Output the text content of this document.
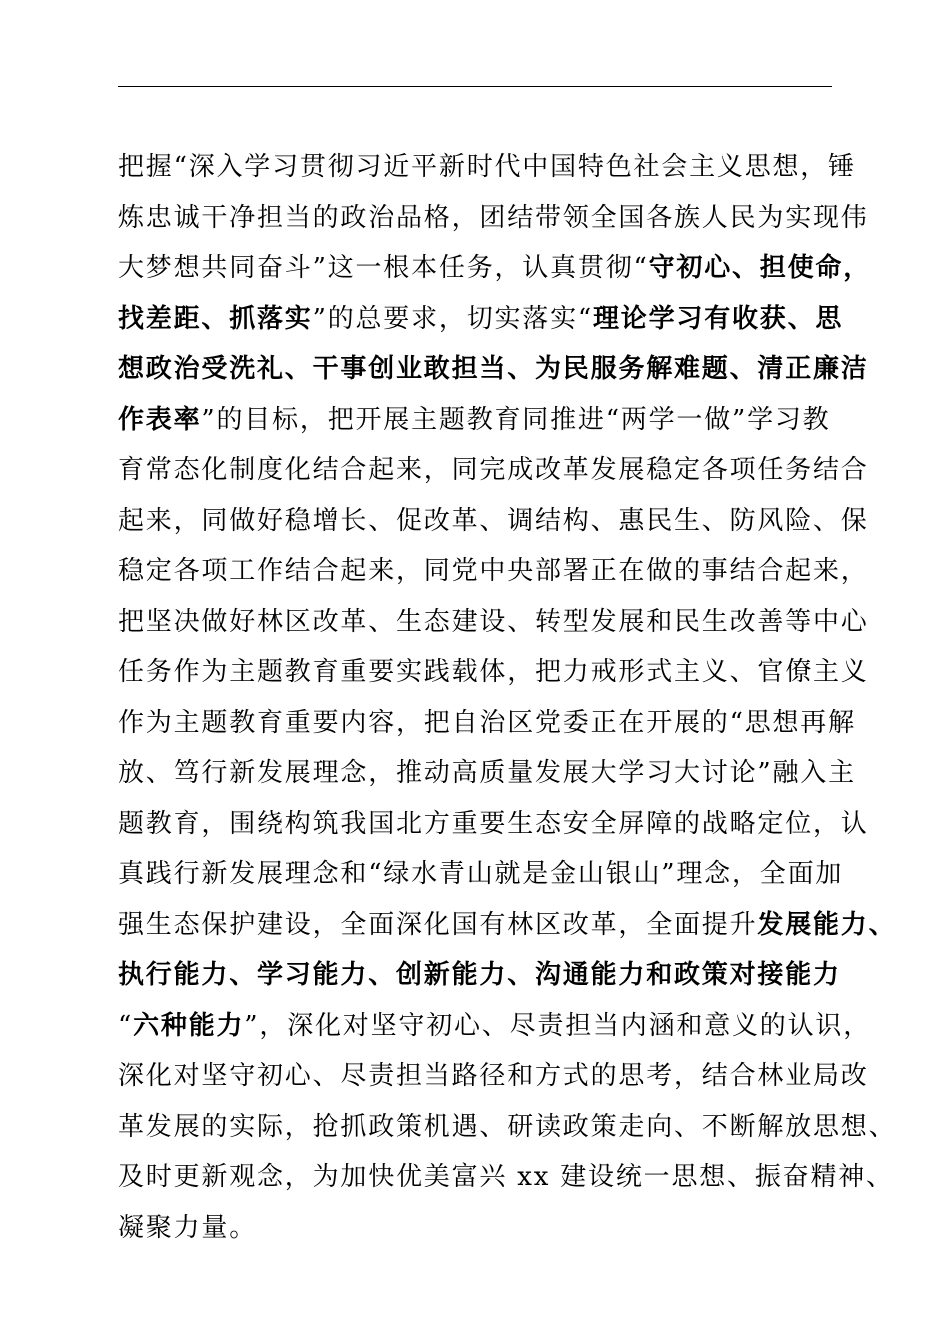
把握“深入学习贯彻习近平新时代中国特色社会主义思想，锤
炼忠诚干净担当的政治品格，团结带领全国各族人民为实现伟
大梦想共同奋斗”这一根本任务，认真贯彻“守初心、担使命，
找差距、抓落实”的总要求，切实落实“理论学习有收获、思
想政治受洗礼、干事创业敢担当、为民服务解难题、清正廉洁
作表率”的目标，把开展主题教育同推进“两学一做”学习教
育常态化制度化结合起来，同完成改革发展稳定各项任务结合
起来，同做好稳增长、促改革、调结构、惠民生、防风险、保
稳定各项工作结合起来，同党中央部署正在做的事结合起来，
把坚决做好林区改革、生态建设、转型发展和民生改善等中心
任务作为主题教育重要实践载体，把力戒形式主义、官僚主义
作为主题教育重要内容，把自治区党委正在开展的“思想再解
放、笃行新发展理念，推动高质量发展大学习大讨论”融入主
题教育，围绕构筑我国北方重要生态安全屏障的战略定位，认
真践行新发展理念和“绿水青山就是金山银山”理念，全面加
强生态保护建设，全面深化国有林区改革，全面提升发展能力、
执行能力、学习能力、创新能力、沟通能力和政策对接能力
“六种能力”，深化对坚守初心、尽责担当内涵和意义的认识，
深化对坚守初心、尽责担当路径和方式的思考，结合林业局改
革发展的实际，抢抓政策机遇、研读政策走向、不断解放思想、
及时更新观念，为加快优美富兴 xx 建设统一思想、振奋精神、
凝聚力量。
